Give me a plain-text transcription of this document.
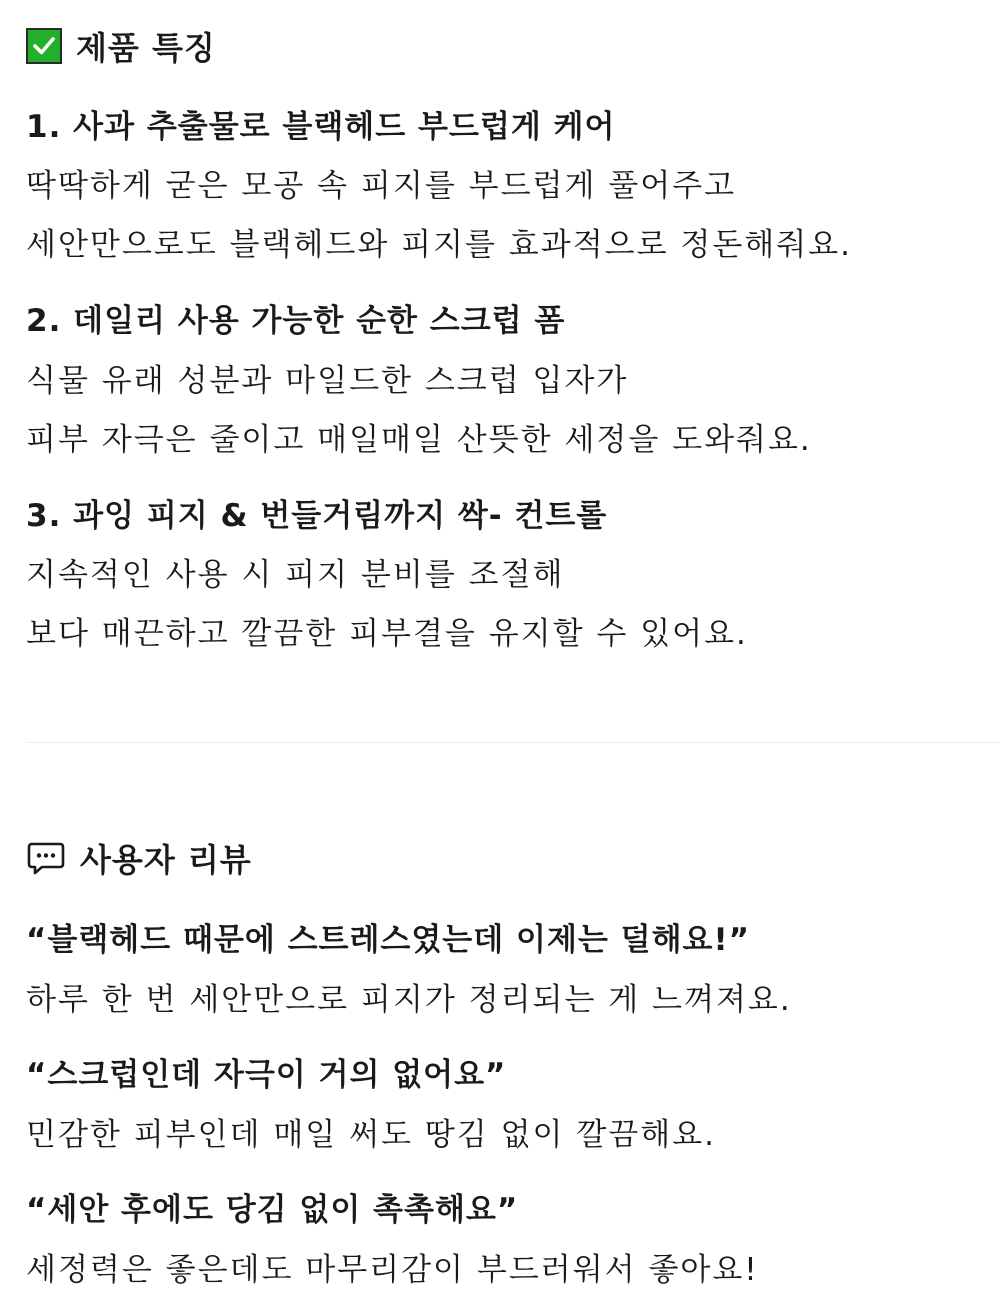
제품 특징
1. 사과 추출물로 블랙헤드 부드럽게 케어
딱딱하게 굳은 모공 속 피지를 부드럽게 풀어주고
세안만으로도 블랙헤드와 피지를 효과적으로 정돈해줘요.
2. 데일리 사용 가능한 순한 스크럽 폼
식물 유래 성분과 마일드한 스크럽 입자가
피부 자극은 줄이고 매일매일 산뜻한 세정을 도와줘요.
3. 과잉 피지 & 번들거림까지 싹- 컨트롤
지속적인 사용 시 피지 분비를 조절해
보다 매끈하고 깔끔한 피부결을 유지할 수 있어요.
사용자 리뷰
“블랙헤드 때문에 스트레스였는데 이제는 덜해요!”
하루 한 번 세안만으로 피지가 정리되는 게 느껴져요.
“스크럽인데 자극이 거의 없어요”
민감한 피부인데 매일 써도 땅김 없이 깔끔해요.
“세안 후에도 당김 없이 촉촉해요”
세정력은 좋은데도 마무리감이 부드러워서 좋아요!
